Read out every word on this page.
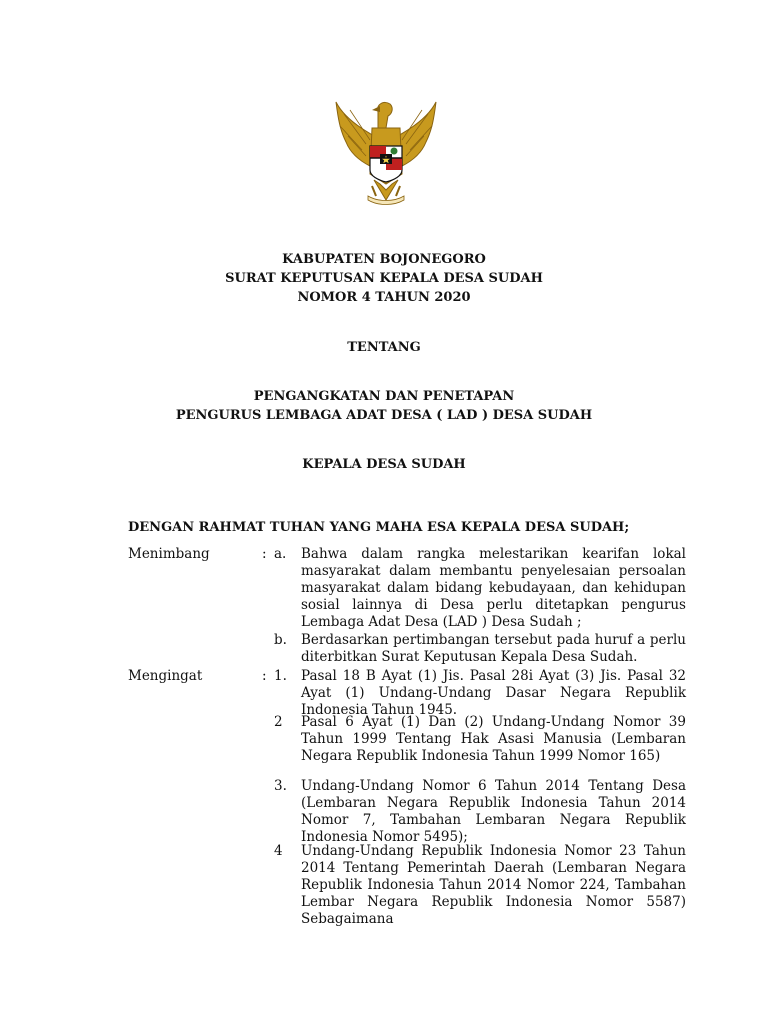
KABUPATEN BOJONEGORO
SURAT KEPUTUSAN KEPALA DESA SUDAH
NOMOR 4 TAHUN 2020
TENTANG
PENGANGKATAN DAN PENETAPAN
PENGURUS LEMBAGA ADAT DESA ( LAD ) DESA SUDAH
KEPALA DESA SUDAH
DENGAN RAHMAT TUHAN YANG MAHA ESA KEPALA DESA SUDAH;
Menimbang	: a. Bahwa dalam rangka melestarikan kearifan lokal masyarakat dalam membantu penyelesaian persoalan masyarakat dalam bidang kebudayaan, dan kehidupan sosial lainnya di Desa perlu ditetapkan pengurus Lembaga Adat Desa (LAD ) Desa Sudah ;
b. Berdasarkan pertimbangan tersebut pada huruf a perlu diterbitkan Surat Keputusan Kepala Desa Sudah.
Mengingat	: 1. Pasal 18 B Ayat (1) Jis. Pasal 28i Ayat (3) Jis. Pasal 32 Ayat (1) Undang-Undang Dasar Negara Republik Indonesia Tahun 1945.
2 Pasal 6 Ayat (1) Dan (2) Undang-Undang Nomor 39 Tahun 1999 Tentang Hak Asasi Manusia (Lembaran Negara Republik Indonesia Tahun 1999 Nomor 165)
3. Undang-Undang Nomor 6 Tahun 2014 Tentang Desa (Lembaran Negara Republik Indonesia Tahun 2014 Nomor 7, Tambahan Lembaran Negara Republik Indonesia Nomor 5495);
4 Undang-Undang Republik Indonesia Nomor 23 Tahun 2014 Tentang Pemerintah Daerah (Lembaran Negara Republik Indonesia Tahun 2014 Nomor 224, Tambahan Lembar Negara Republik Indonesia Nomor 5587) Sebagaimana
